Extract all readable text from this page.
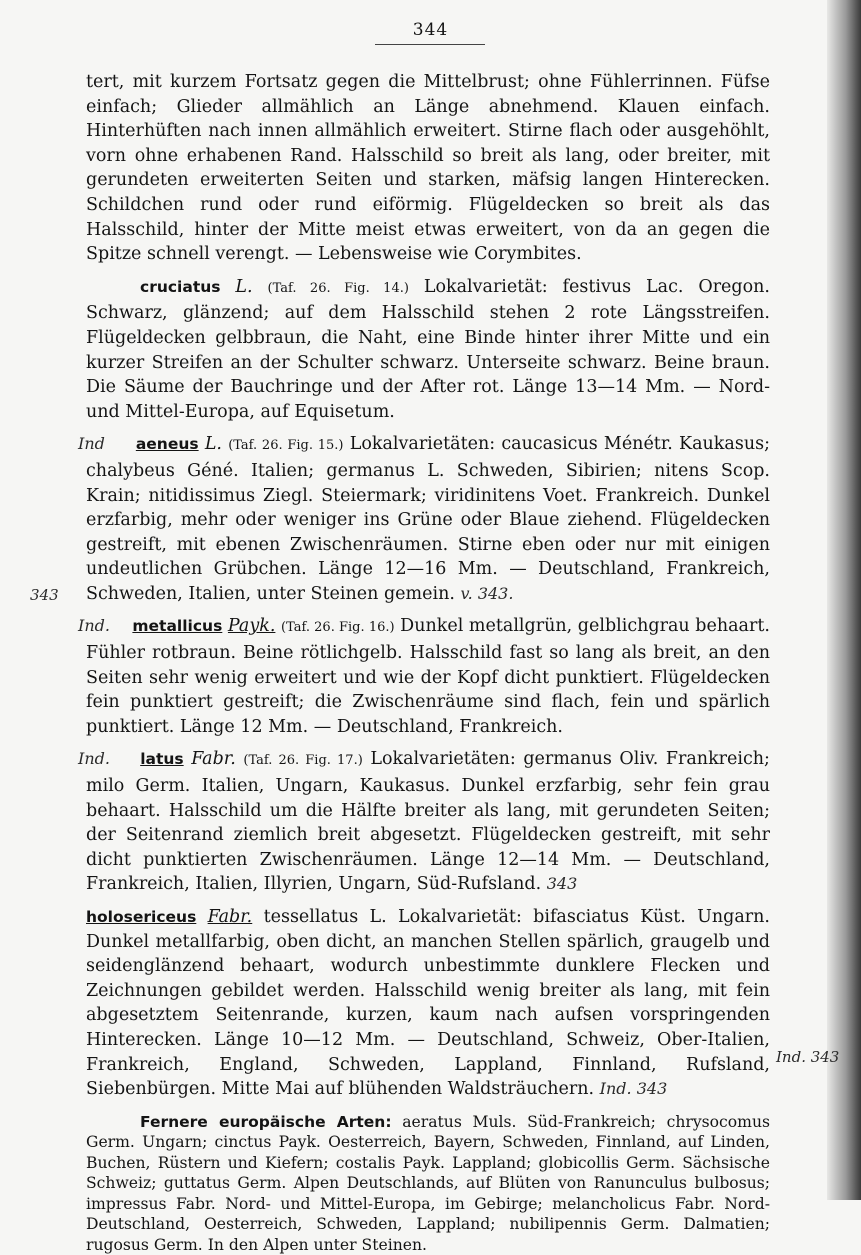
344
343
Ind. 343

tert, mit kurzem Fortsatz gegen die Mittelbrust; ohne Fühlerrinnen. Füfse einfach; Glieder allmählich an Länge abnehmend. Klauen einfach. Hinterhüften nach innen allmählich erweitert. Stirne flach oder ausgehöhlt, vorn ohne erhabenen Rand. Halsschild so breit als lang, oder breiter, mit gerundeten erweiterten Seiten und starken, mäfsig langen Hinterecken. Schildchen rund oder rund eiförmig. Flügeldecken so breit als das Halsschild, hinter der Mitte meist etwas erweitert, von da an gegen die Spitze schnell verengt. — Lebensweise wie Corymbites.

cruciatus L. (Taf. 26. Fig. 14.) Lokalvarietät: festivus Lac. Oregon. Schwarz, glänzend; auf dem Halsschild stehen 2 rote Längsstreifen. Flügeldecken gelbbraun, die Naht, eine Binde hinter ihrer Mitte und ein kurzer Streifen an der Schulter schwarz. Unterseite schwarz. Beine braun. Die Säume der Bauchringe und der After rot. Länge 13—14 Mm. — Nord- und Mittel-Europa, auf Equisetum.

Ind aeneus L. (Taf. 26. Fig. 15.) Lokalvarietäten: caucasicus Ménétr. Kaukasus; chalybeus Géné. Italien; germanus L. Schweden, Sibirien; nitens Scop. Krain; nitidissimus Ziegl. Steiermark; viridinitens Voet. Frankreich. Dunkel erzfarbig, mehr oder weniger ins Grüne oder Blaue ziehend. Flügeldecken gestreift, mit ebenen Zwischenräumen. Stirne eben oder nur mit einigen undeutlichen Grübchen. Länge 12—16 Mm. — Deutschland, Frankreich, Schweden, Italien, unter Steinen gemein. v. 343.

Ind. metallicus Payk. (Taf. 26. Fig. 16.) Dunkel metallgrün, gelblichgrau behaart. Fühler rotbraun. Beine rötlichgelb. Halsschild fast so lang als breit, an den Seiten sehr wenig erweitert und wie der Kopf dicht punktiert. Flügeldecken fein punktiert gestreift; die Zwischenräume sind flach, fein und spärlich punktiert. Länge 12 Mm. — Deutschland, Frankreich.

Ind. latus Fabr. (Taf. 26. Fig. 17.) Lokalvarietäten: germanus Oliv. Frankreich; milo Germ. Italien, Ungarn, Kaukasus. Dunkel erzfarbig, sehr fein grau behaart. Halsschild um die Hälfte breiter als lang, mit gerundeten Seiten; der Seitenrand ziemlich breit abgesetzt. Flügeldecken gestreift, mit sehr dicht punktierten Zwischenräumen. Länge 12—14 Mm. — Deutschland, Frankreich, Italien, Illyrien, Ungarn, Süd-Rufsland. 343

holosericeus Fabr. tessellatus L. Lokalvarietät: bifasciatus Küst. Ungarn. Dunkel metallfarbig, oben dicht, an manchen Stellen spärlich, graugelb und seidenglänzend behaart, wodurch unbestimmte dunklere Flecken und Zeichnungen gebildet werden. Halsschild wenig breiter als lang, mit fein abgesetztem Seitenrande, kurzen, kaum nach aufsen vorspringenden Hinterecken. Länge 10—12 Mm. — Deutschland, Schweiz, Ober-Italien, Frankreich, England, Schweden, Lappland, Finnland, Rufsland, Siebenbürgen. Mitte Mai auf blühenden Waldsträuchern. Ind. 343

Fernere europäische Arten: aeratus Muls. Süd-Frankreich; chrysocomus Germ. Ungarn; cinctus Payk. Oesterreich, Bayern, Schweden, Finnland, auf Linden, Buchen, Rüstern und Kiefern; costalis Payk. Lappland; globicollis Germ. Sächsische Schweiz; guttatus Germ. Alpen Deutschlands, auf Blüten von Ranunculus bulbosus; impressus Fabr. Nord- und Mittel-Europa, im Gebirge; melancholicus Fabr. Nord-Deutschland, Oesterreich, Schweden, Lappland; nubilipennis Germ. Dalmatien; rugosus Germ. In den Alpen unter Steinen.
